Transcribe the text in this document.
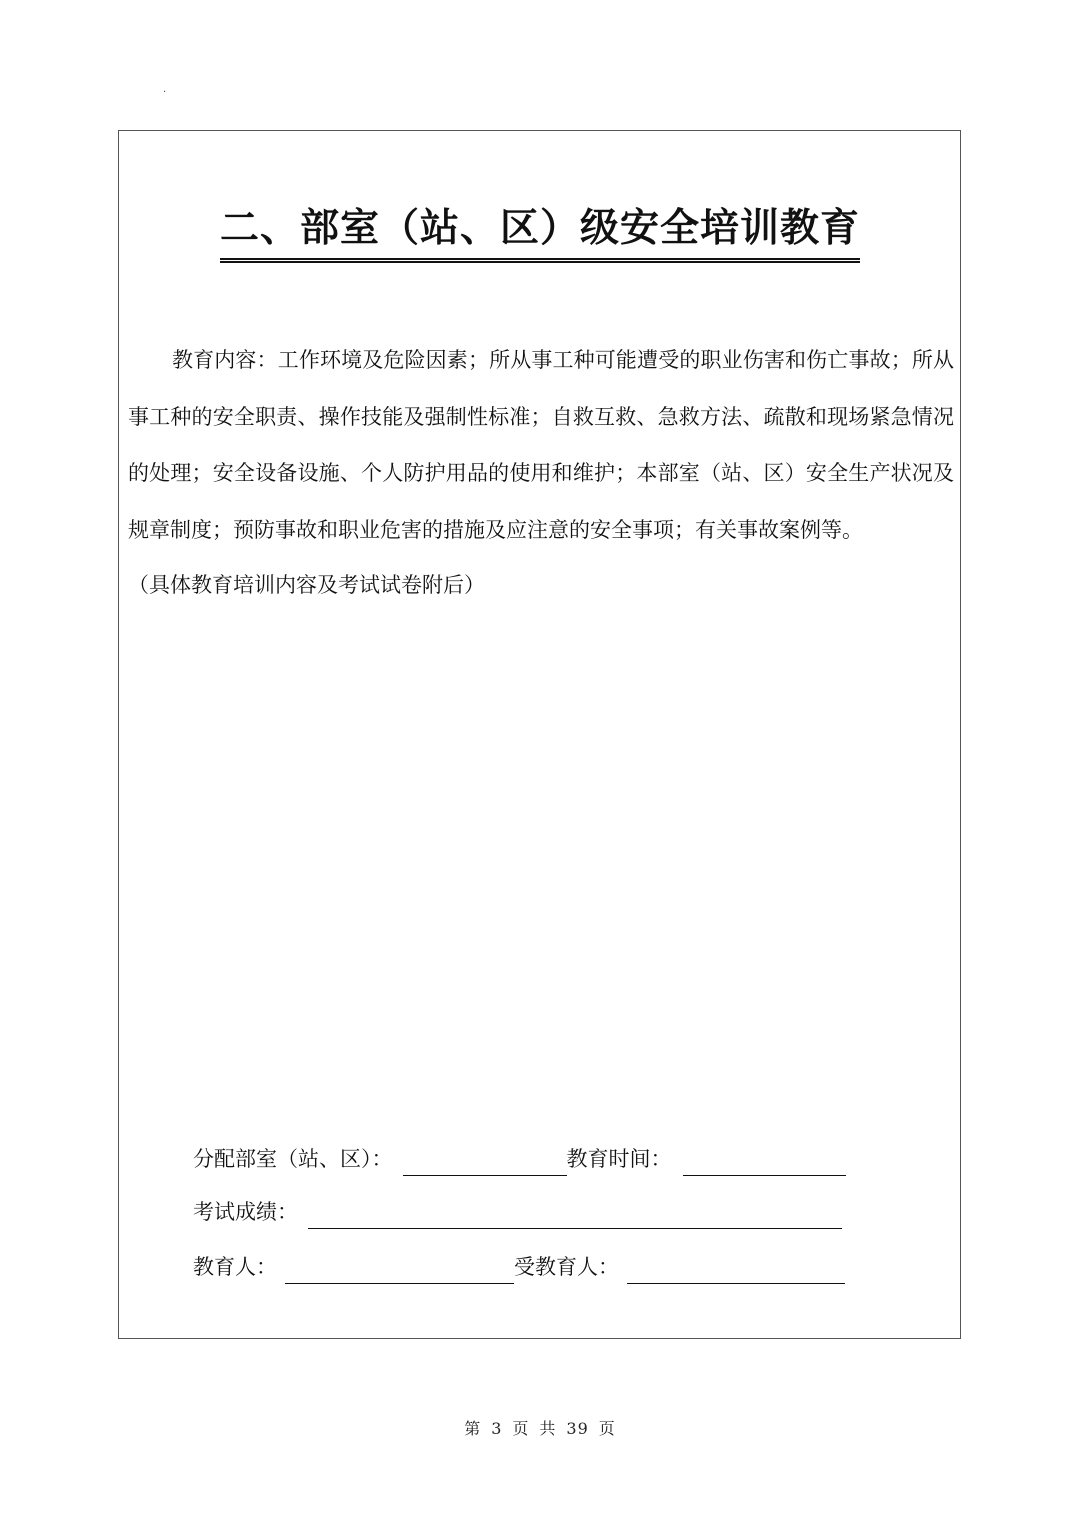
.
二、部室（站、区）级安全培训教育
教育内容：工作环境及危险因素；所从事工种可能遭受的职业伤害和伤亡事故；所从事工种的安全职责、操作技能及强制性标准；自救互救、急救方法、疏散和现场紧急情况的处理；安全设备设施、个人防护用品的使用和维护；本部室（站、区）安全生产状况及规章制度；预防事故和职业危害的措施及应注意的安全事项；有关事故案例等。
（具体教育培训内容及考试试卷附后）
分配部室（站、区）：	教育时间：
考试成绩：
教育人：	受教育人：
第 3 页 共 39 页
